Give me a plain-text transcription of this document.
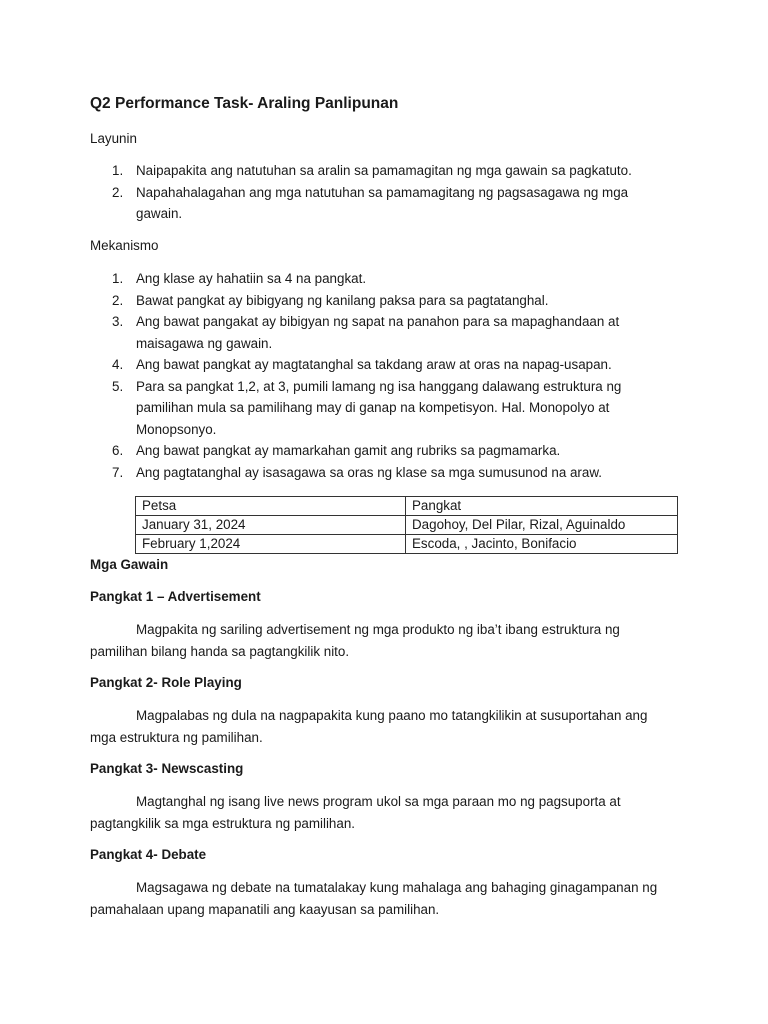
Q2 Performance Task- Araling Panlipunan

Layunin

1. Naipapakita ang natutuhan sa aralin sa pamamagitan ng mga gawain sa pagkatuto.
2. Napahahalagahan ang mga natutuhan sa pamamagitang ng pagsasagawa ng mga gawain.

Mekanismo

1. Ang klase ay hahatiin sa 4 na pangkat.
2. Bawat pangkat ay bibigyang ng kanilang paksa para sa pagtatanghal.
3. Ang bawat pangakat ay bibigyan ng sapat na panahon para sa mapaghandaan at maisagawa ng gawain.
4. Ang bawat pangkat ay magtatanghal sa takdang araw at oras na napag-usapan.
5. Para sa pangkat 1,2, at 3, pumili lamang ng isa hanggang dalawang estruktura ng pamilihan mula sa pamilihang may di ganap na kompetisyon. Hal. Monopolyo at Monopsonyo.
6. Ang bawat pangkat ay mamarkahan gamit ang rubriks sa pagmamarka.
7. Ang pagtatanghal ay isasagawa sa oras ng klase sa mga sumusunod na araw.
Petsa	Pangkat
January 31, 2024	Dagohoy, Del Pilar, Rizal, Aguinaldo
February 1,2024	Escoda, , Jacinto, Bonifacio

Mga Gawain

Pangkat 1 – Advertisement

Magpakita ng sariling advertisement ng mga produkto ng iba’t ibang estruktura ng pamilihan bilang handa sa pagtangkilik nito.

Pangkat 2- Role Playing

Magpalabas ng dula na nagpapakita kung paano mo tatangkilikin at susuportahan ang mga estruktura ng pamilihan.

Pangkat 3- Newscasting

Magtanghal ng isang live news program ukol sa mga paraan mo ng pagsuporta at pagtangkilik sa mga estruktura ng pamilihan.

Pangkat 4- Debate

Magsagawa ng debate na tumatalakay kung mahalaga ang bahaging ginagampanan ng pamahalaan upang mapanatili ang kaayusan sa pamilihan.
